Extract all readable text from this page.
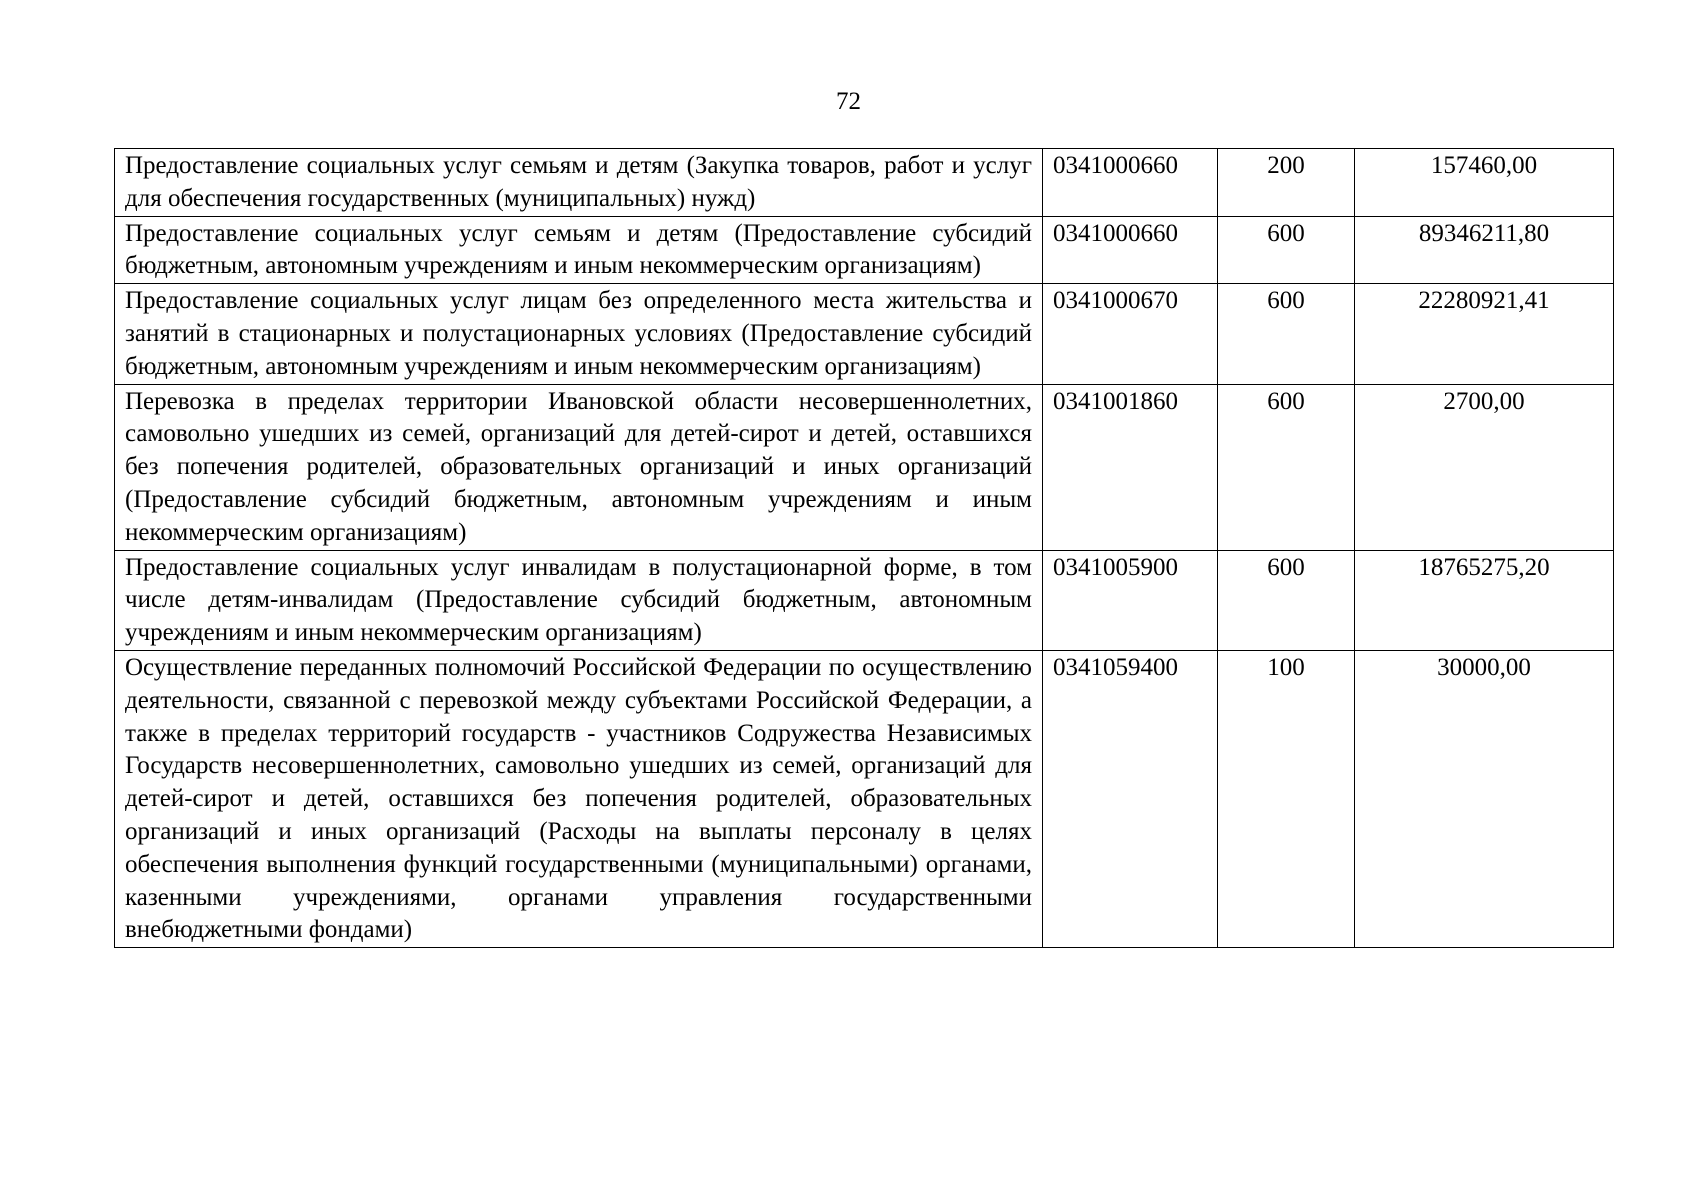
72
Предоставление социальных услуг семьям и детям (Закупка товаров, работ и услуг для обеспечения государственных (муниципальных) нужд)	0341000660	200	157460,00
Предоставление социальных услуг семьям и детям (Предоставление субсидий бюджетным, автономным учреждениям и иным некоммерческим организациям)	0341000660	600	89346211,80
Предоставление социальных услуг лицам без определенного места жительства и занятий в стационарных и полустационарных условиях (Предоставление субсидий бюджетным, автономным учреждениям и иным некоммерческим организациям)	0341000670	600	22280921,41
Перевозка в пределах территории Ивановской области несовершеннолетних, самовольно ушедших из семей, организаций для детей-сирот и детей, оставшихся без попечения родителей, образовательных организаций и иных организаций (Предоставление субсидий бюджетным, автономным учреждениям и иным некоммерческим организациям)	0341001860	600	2700,00
Предоставление социальных услуг инвалидам в полустационарной форме, в том числе детям-инвалидам (Предоставление субсидий бюджетным, автономным учреждениям и иным некоммерческим организациям)	0341005900	600	18765275,20
Осуществление переданных полномочий Российской Федерации по осуществлению деятельности, связанной с перевозкой между субъектами Российской Федерации, а также в пределах территорий государств - участников Содружества Независимых Государств несовершеннолетних, самовольно ушедших из семей, организаций для детей-сирот и детей, оставшихся без попечения родителей, образовательных организаций и иных организаций (Расходы на выплаты персоналу в целях обеспечения выполнения функций государственными (муниципальными) органами, казенными учреждениями, органами управления государственными внебюджетными фондами)	0341059400	100	30000,00
